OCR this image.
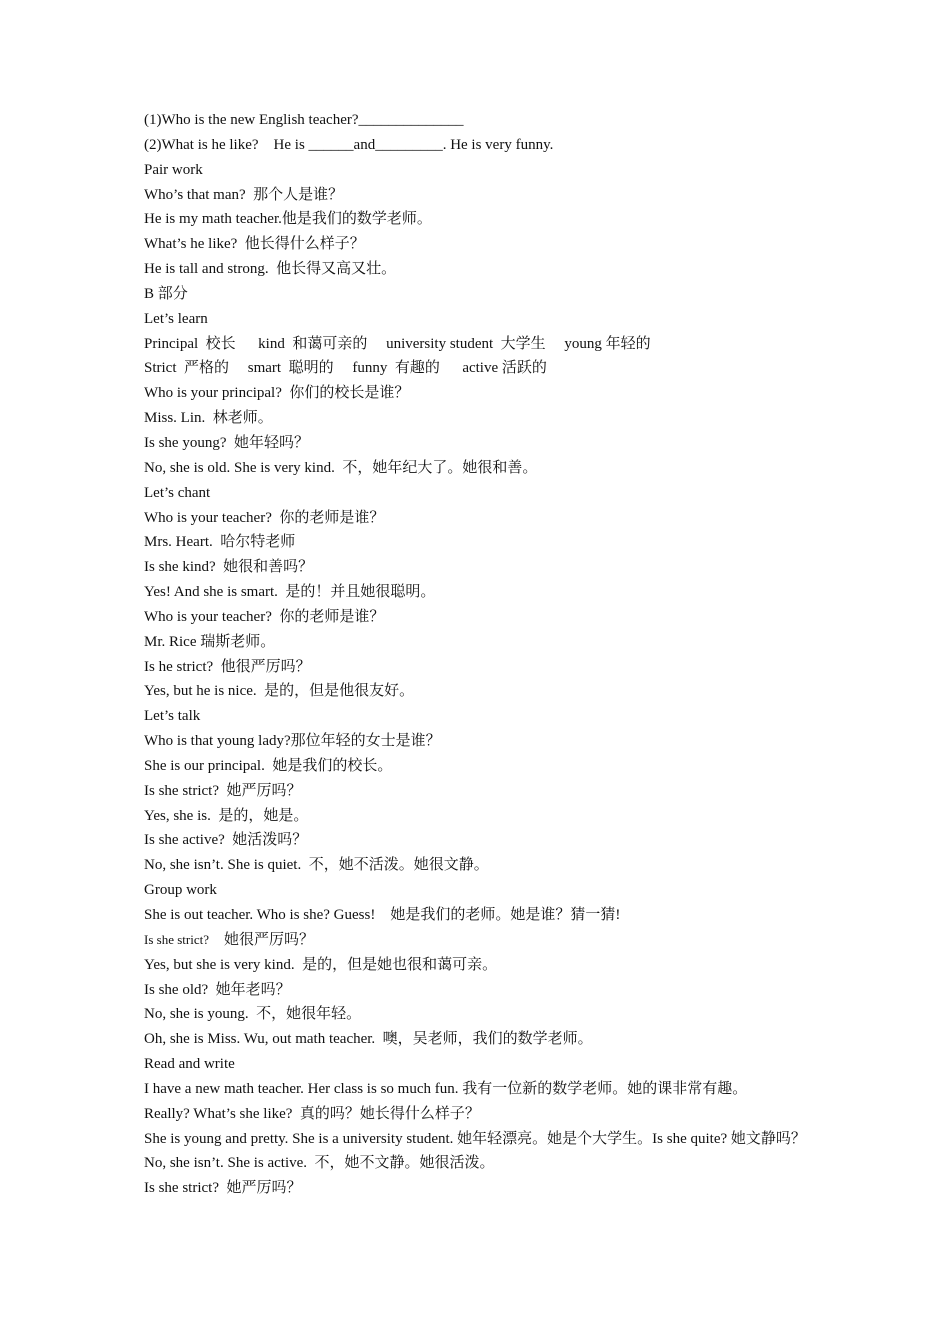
(1)Who is the new English teacher?______________
(2)What is he like?    He is ______and_________. He is very funny.
Pair work
Who’s that man?  那个人是谁？
He is my math teacher.他是我们的数学老师。
What’s he like?  他长得什么样子？
He is tall and strong.  他长得又高又壮。
B 部分
Let’s learn
Principal  校长      kind  和蔼可亲的     university student  大学生     young 年轻的
Strict  严格的     smart  聪明的     funny  有趣的      active 活跃的
Who is your principal?  你们的校长是谁？
Miss. Lin.  林老师。
Is she young?  她年轻吗？
No, she is old. She is very kind.  不，她年纪大了。她很和善。
Let’s chant
Who is your teacher?  你的老师是谁？
Mrs. Heart.  哈尔特老师
Is she kind?  她很和善吗？
Yes! And she is smart.  是的！并且她很聪明。
Who is your teacher?  你的老师是谁？
Mr. Rice 瑞斯老师。
Is he strict?  他很严厉吗？
Yes, but he is nice.  是的，但是他很友好。
Let’s talk
Who is that young lady?那位年轻的女士是谁？
She is our principal.  她是我们的校长。
Is she strict?  她严厉吗？
Yes, she is.  是的，她是。
Is she active?  她活泼吗？
No, she isn’t. She is quiet.  不，她不活泼。她很文静。
Group work
She is out teacher. Who is she? Guess!    她是我们的老师。她是谁？猜一猜!
Is she strict? 她很严厉吗？
Yes, but she is very kind.  是的，但是她也很和蔼可亲。
Is she old?  她年老吗？
No, she is young.  不，她很年轻。
Oh, she is Miss. Wu, out math teacher.  噢，吴老师，我们的数学老师。
Read and write
I have a new math teacher. Her class is so much fun. 我有一位新的数学老师。她的课非常有趣。
Really? What’s she like?  真的吗？她长得什么样子？
She is young and pretty. She is a university student. 她年轻漂亮。她是个大学生。Is she quite? 她文静吗？
No, she isn’t. She is active.  不，她不文静。她很活泼。
Is she strict?  她严厉吗？
